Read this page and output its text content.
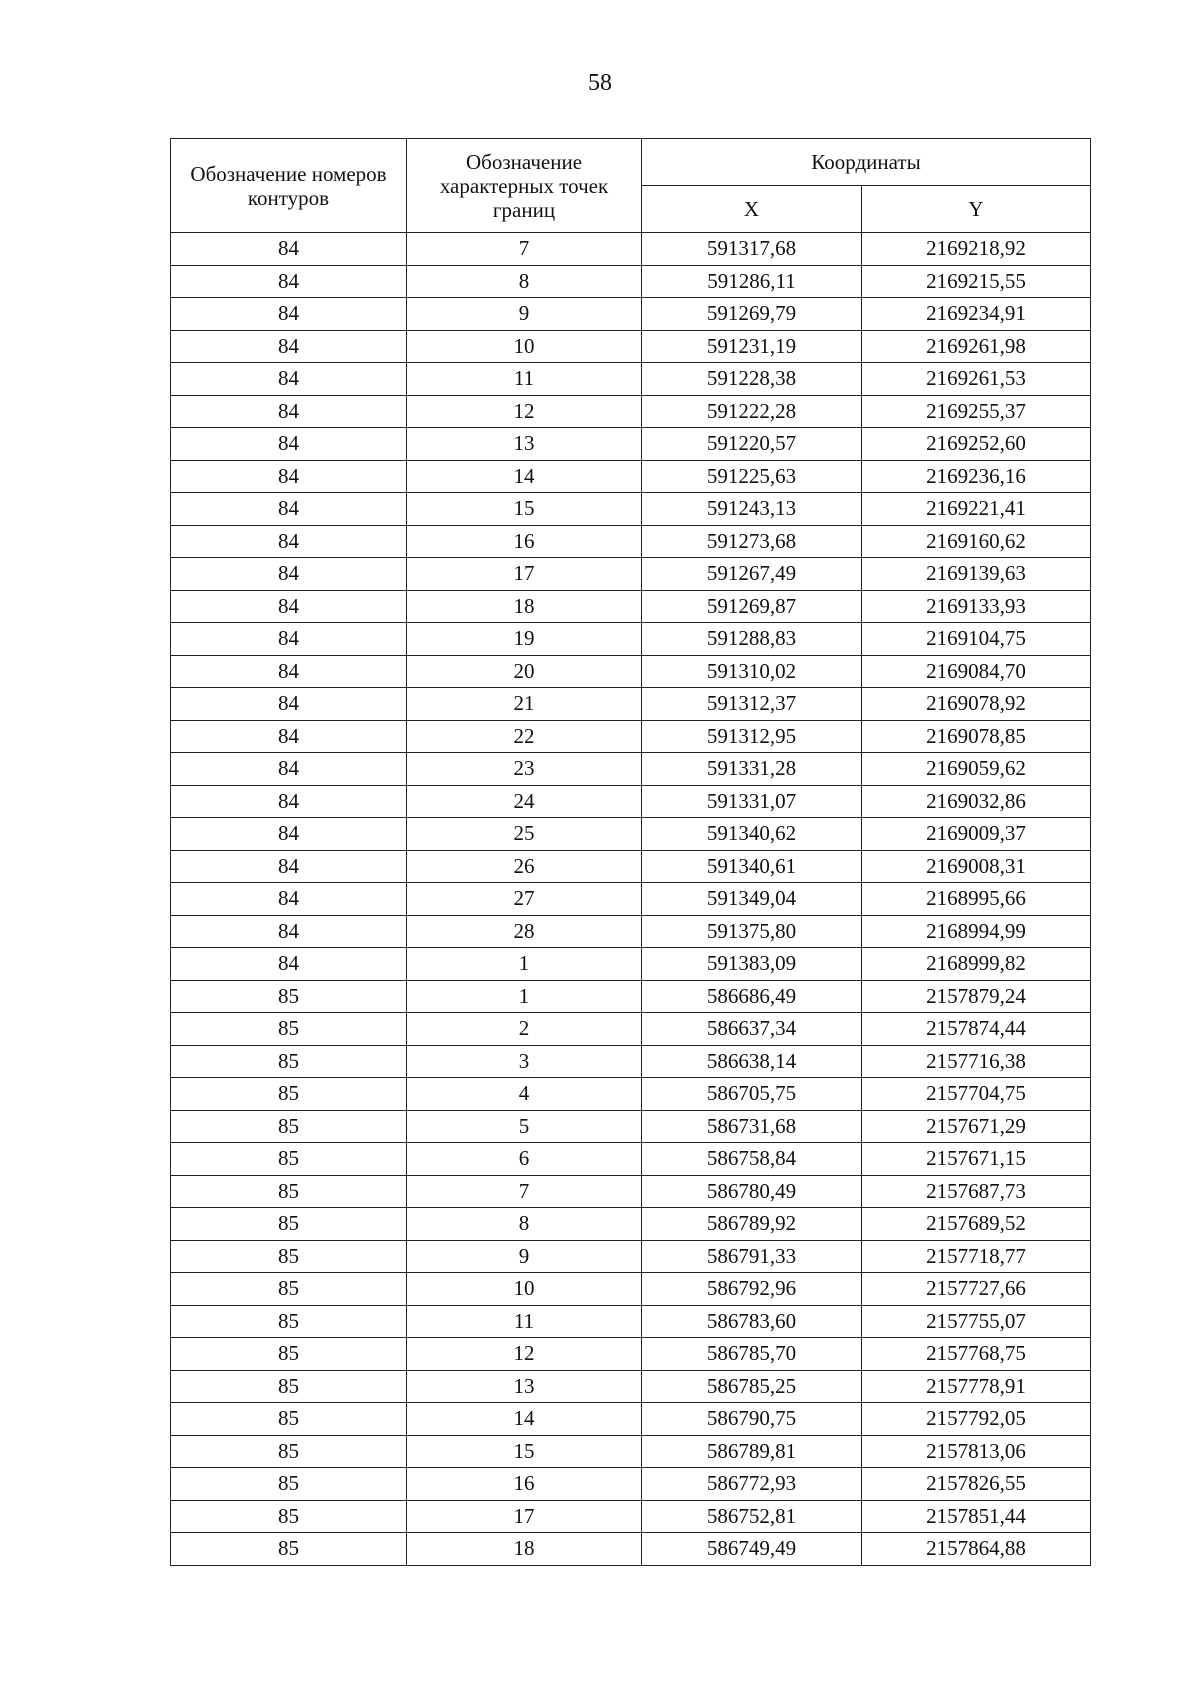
58
Обозначение номеров контуров	Обозначение характерных точек границ	Координаты	
		X	Y
84	7	591317,68	2169218,92
84	8	591286,11	2169215,55
84	9	591269,79	2169234,91
84	10	591231,19	2169261,98
84	11	591228,38	2169261,53
84	12	591222,28	2169255,37
84	13	591220,57	2169252,60
84	14	591225,63	2169236,16
84	15	591243,13	2169221,41
84	16	591273,68	2169160,62
84	17	591267,49	2169139,63
84	18	591269,87	2169133,93
84	19	591288,83	2169104,75
84	20	591310,02	2169084,70
84	21	591312,37	2169078,92
84	22	591312,95	2169078,85
84	23	591331,28	2169059,62
84	24	591331,07	2169032,86
84	25	591340,62	2169009,37
84	26	591340,61	2169008,31
84	27	591349,04	2168995,66
84	28	591375,80	2168994,99
84	1	591383,09	2168999,82
85	1	586686,49	2157879,24
85	2	586637,34	2157874,44
85	3	586638,14	2157716,38
85	4	586705,75	2157704,75
85	5	586731,68	2157671,29
85	6	586758,84	2157671,15
85	7	586780,49	2157687,73
85	8	586789,92	2157689,52
85	9	586791,33	2157718,77
85	10	586792,96	2157727,66
85	11	586783,60	2157755,07
85	12	586785,70	2157768,75
85	13	586785,25	2157778,91
85	14	586790,75	2157792,05
85	15	586789,81	2157813,06
85	16	586772,93	2157826,55
85	17	586752,81	2157851,44
85	18	586749,49	2157864,88
